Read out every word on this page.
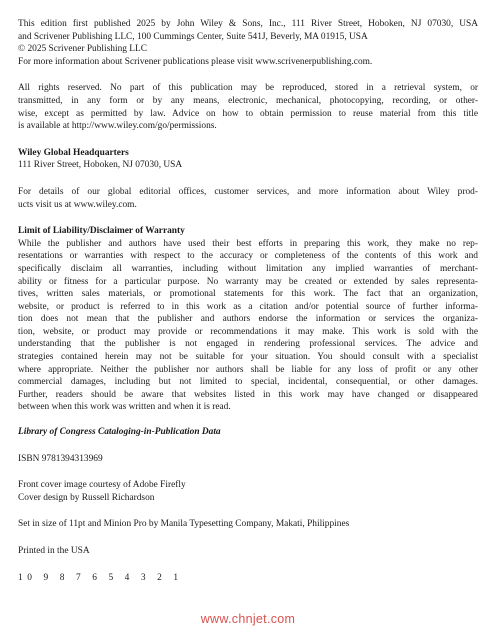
This edition first published 2025 by John Wiley & Sons, Inc., 111 River Street, Hoboken, NJ 07030, USA
and Scrivener Publishing LLC, 100 Cummings Center, Suite 541J, Beverly, MA 01915, USA
© 2025 Scrivener Publishing LLC
For more information about Scrivener publications please visit www.scrivenerpublishing.com.
All rights reserved. No part of this publication may be reproduced, stored in a retrieval system, or
transmitted, in any form or by any means, electronic, mechanical, photocopying, recording, or other-
wise, except as permitted by law. Advice on how to obtain permission to reuse material from this title
is available at http://www.wiley.com/go/permissions.
Wiley Global Headquarters
111 River Street, Hoboken, NJ 07030, USA
For details of our global editorial offices, customer services, and more information about Wiley prod-
ucts visit us at www.wiley.com.
Limit of Liability/Disclaimer of Warranty
While the publisher and authors have used their best efforts in preparing this work, they make no rep-
resentations or warranties with respect to the accuracy or completeness of the contents of this work and
specifically disclaim all warranties, including without limitation any implied warranties of merchant-
ability or fitness for a particular purpose. No warranty may be created or extended by sales representa-
tives, written sales materials, or promotional statements for this work. The fact that an organization,
website, or product is referred to in this work as a citation and/or potential source of further informa-
tion does not mean that the publisher and authors endorse the information or services the organiza-
tion, website, or product may provide or recommendations it may make. This work is sold with the
understanding that the publisher is not engaged in rendering professional services. The advice and
strategies contained herein may not be suitable for your situation. You should consult with a specialist
where appropriate. Neither the publisher nor authors shall be liable for any loss of profit or any other
commercial damages, including but not limited to special, incidental, consequential, or other damages.
Further, readers should be aware that websites listed in this work may have changed or disappeared
between when this work was written and when it is read.
Library of Congress Cataloging-in-Publication Data
ISBN 9781394313969
Front cover image courtesy of Adobe Firefly
Cover design by Russell Richardson
Set in size of 11pt and Minion Pro by Manila Typesetting Company, Makati, Philippines
Printed in the USA
10 9 8 7 6 5 4 3 2 1
www.chnjet.com
